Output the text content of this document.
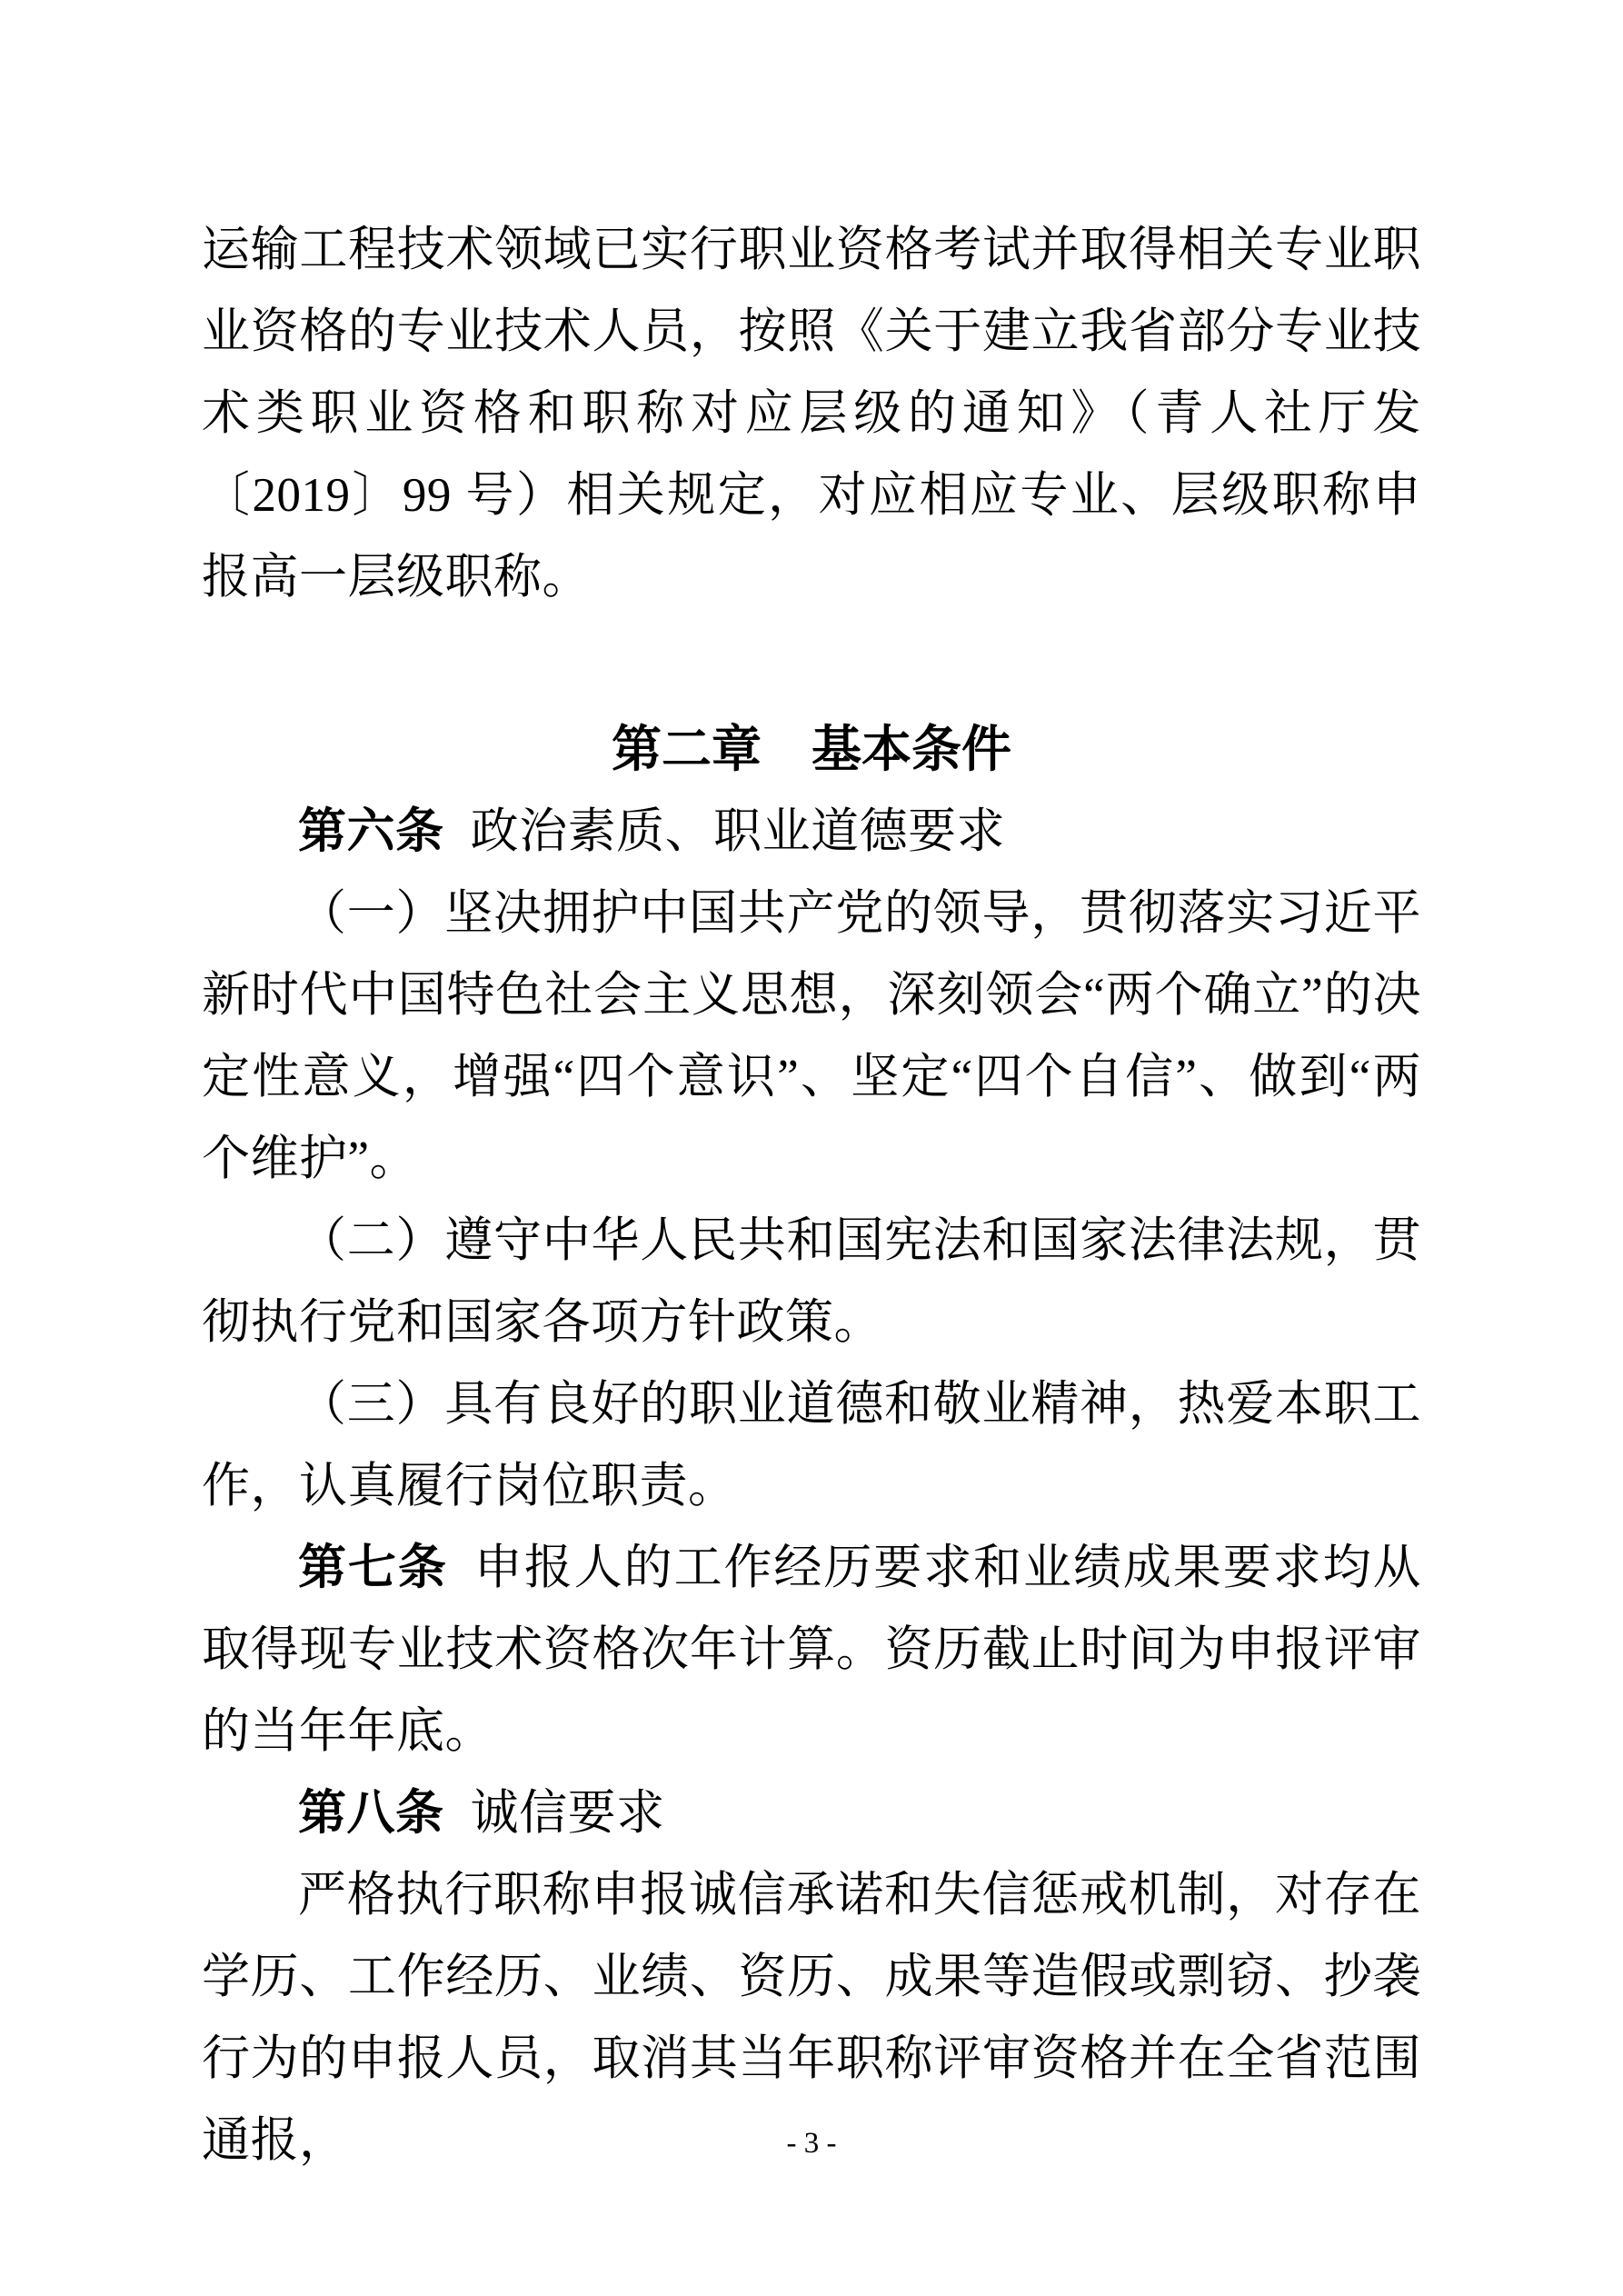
运输工程技术领域已实行职业资格考试并取得相关专业职业资格的专业技术人员，按照《关于建立我省部分专业技术类职业资格和职称对应层级的通知》（青人社厅发〔2019〕99 号）相关规定，对应相应专业、层级职称申报高一层级职称。

第二章　基本条件

第六条 政治素质、职业道德要求

（一）坚决拥护中国共产党的领导，贯彻落实习近平新时代中国特色社会主义思想，深刻领会“两个确立”的决定性意义，增强“四个意识”、坚定“四个自信”、做到“两个维护”。

（二）遵守中华人民共和国宪法和国家法律法规，贯彻执行党和国家各项方针政策。

（三）具有良好的职业道德和敬业精神，热爱本职工作，认真履行岗位职责。

第七条 申报人的工作经历要求和业绩成果要求均从取得现专业技术资格次年计算。资历截止时间为申报评审的当年年底。

第八条 诚信要求

严格执行职称申报诚信承诺和失信惩戒机制，对存在学历、工作经历、业绩、资历、成果等造假或剽窃、抄袭行为的申报人员，取消其当年职称评审资格并在全省范围通报，	- 3 -
